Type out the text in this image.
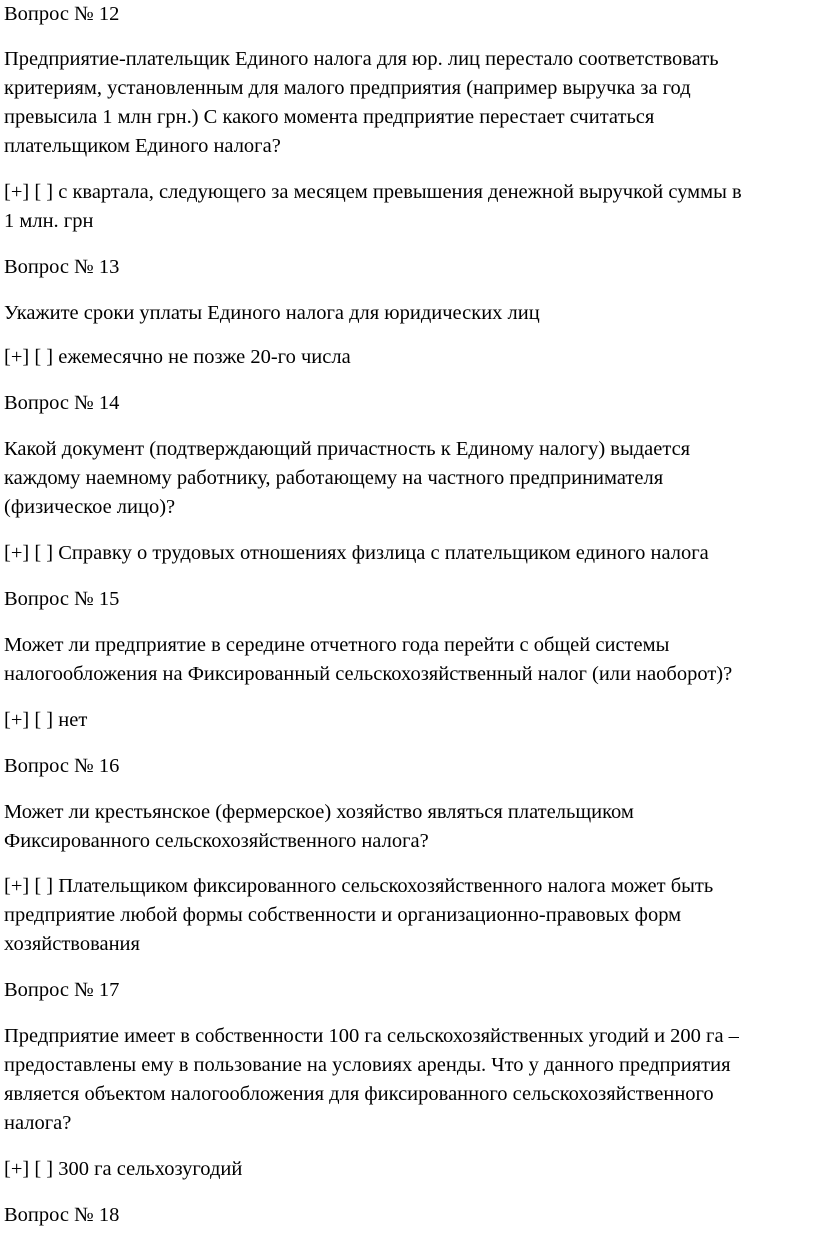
Вопрос № 12

Предприятие-плательщик Единого налога для юр. лиц перестало соответствовать

критериям, установленным для малого предприятия (например выручка за год

превысила 1 млн грн.) С какого момента предприятие перестает считаться

плательщиком Единого налога?

[+] [ ] с квартала, следующего за месяцем превышения денежной выручкой суммы в

1 млн. грн

Вопрос № 13

Укажите сроки уплаты Единого налога для юридических лиц

[+] [ ] ежемесячно не позже 20-го числа

Вопрос № 14

Какой документ (подтверждающий причастность к Единому налогу) выдается

каждому наемному работнику, работающему на частного предпринимателя

(физическое лицо)?

[+] [ ] Справку о трудовых отношениях физлица с плательщиком единого налога

Вопрос № 15

Может ли предприятие в середине отчетного года перейти с общей системы

налогообложения на Фиксированный сельскохозяйственный налог (или наоборот)?

[+] [ ] нет

Вопрос № 16

Может ли крестьянское (фермерское) хозяйство являться плательщиком

Фиксированного сельскохозяйственного налога?

[+] [ ] Плательщиком фиксированного сельскохозяйственного налога может быть

предприятие любой формы собственности и организационно-правовых форм

хозяйствования

Вопрос № 17

Предприятие имеет в собственности 100 га сельскохозяйственных угодий и 200 га –

предоставлены ему в пользование на условиях аренды. Что у данного предприятия

является объектом налогообложения для фиксированного сельскохозяйственного

налога?

[+] [ ] 300 га сельхозугодий

Вопрос № 18
